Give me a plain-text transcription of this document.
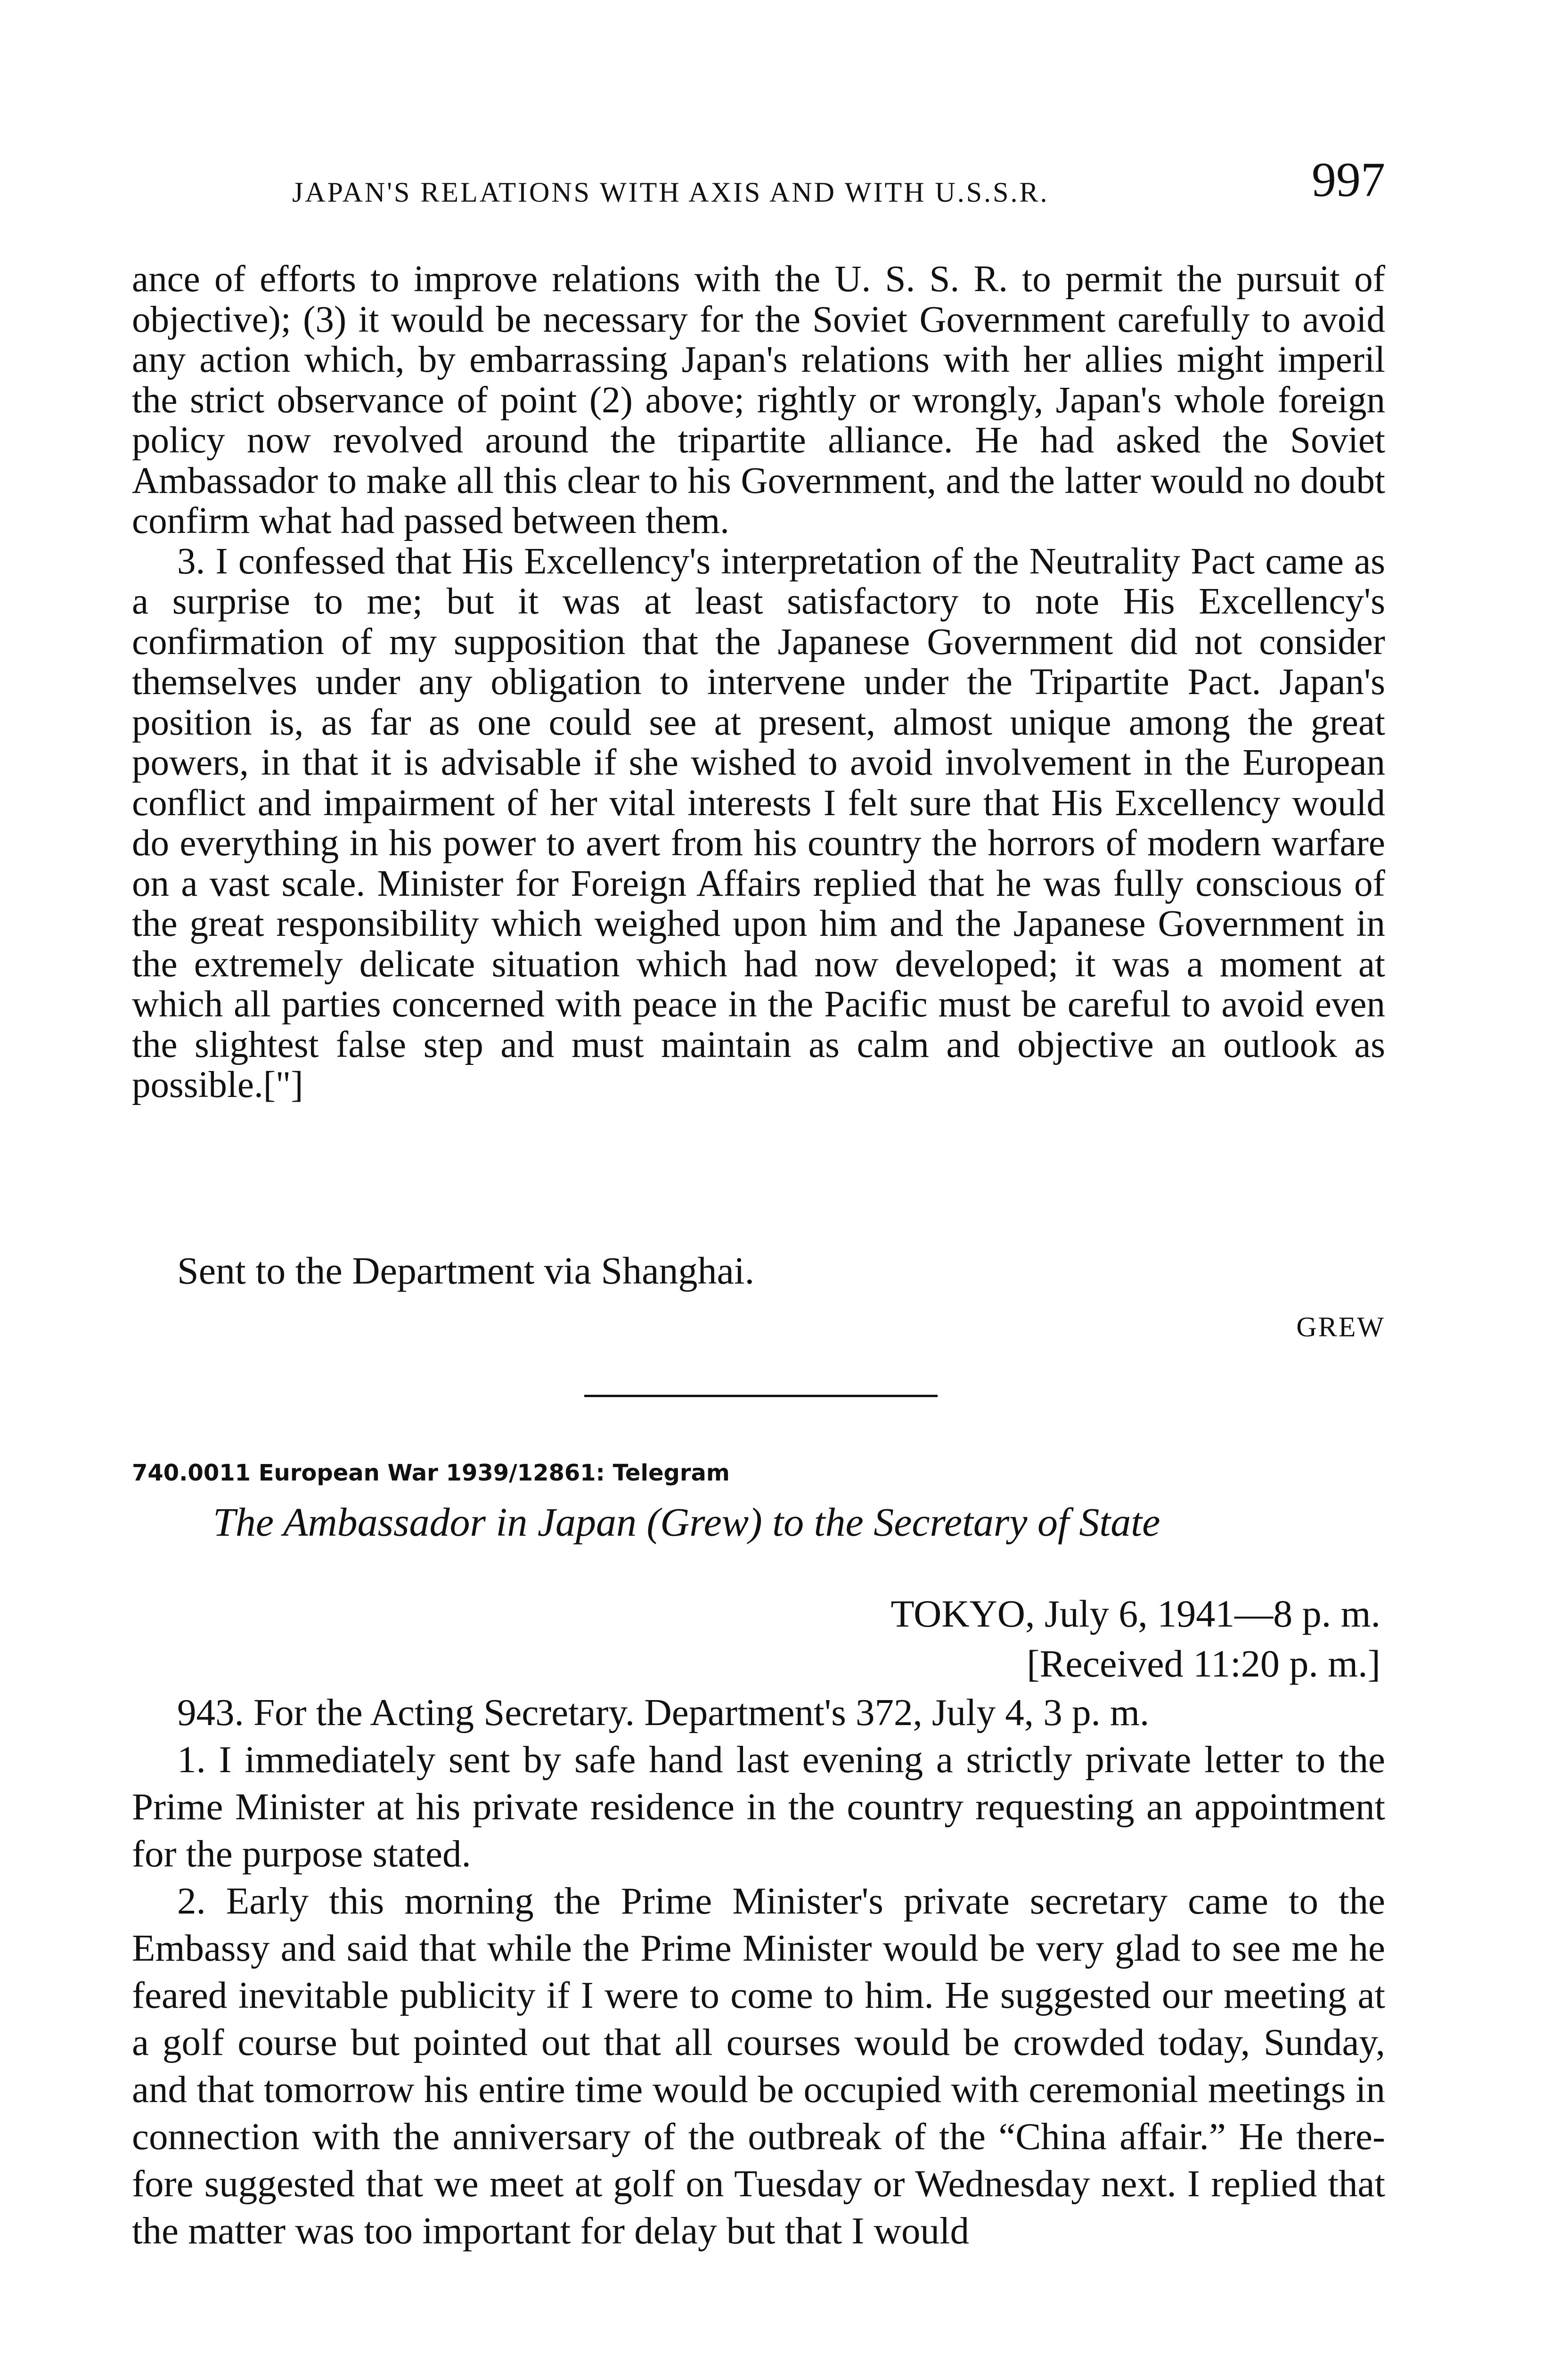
JAPAN'S RELATIONS WITH AXIS AND WITH U.S.S.R.	997

ance of efforts to improve relations with the U. S. S. R. to permit the pursuit of objective); (3) it would be necessary for the Soviet Government carefully to avoid any action which, by embarrassing Japan's relations with her allies might imperil the strict observance of point (2) above; rightly or wrongly, Japan's whole foreign policy now revolved around the tripartite alliance. He had asked the Soviet Ambassador to make all this clear to his Government, and the latter would no doubt confirm what had passed between them.

3. I confessed that His Excellency's interpretation of the Neutrality Pact came as a surprise to me; but it was at least satisfactory to note His Excellency's confirmation of my supposition that the Japanese Government did not consider themselves under any obligation to intervene under the Tripartite Pact. Japan's position is, as far as one could see at present, almost unique among the great powers, in that it is advisable if she wished to avoid involvement in the European conflict and impairment of her vital interests I felt sure that His Excellency would do everything in his power to avert from his country the horrors of modern warfare on a vast scale. Minister for Foreign Affairs replied that he was fully conscious of the great responsibility which weighed upon him and the Japanese Government in the extremely delicate situation which had now developed; it was a moment at which all parties concerned with peace in the Pacific must be careful to avoid even the slightest false step and must maintain as calm and objective an outlook as possible.["]

Sent to the Department via Shanghai.
GREW
740.0011 European War 1939/12861: Telegram
The Ambassador in Japan (Grew) to the Secretary of State
TOKYO, July 6, 1941—8 p. m.
[Received 11:20 p. m.]

943. For the Acting Secretary. Department's 372, July 4, 3 p. m.

1. I immediately sent by safe hand last evening a strictly private letter to the Prime Minister at his private residence in the country requesting an appointment for the purpose stated.

2. Early this morning the Prime Minister's private secretary came to the Embassy and said that while the Prime Minister would be very glad to see me he feared inevitable publicity if I were to come to him. He suggested our meeting at a golf course but pointed out that all courses would be crowded today, Sunday, and that tomorrow his entire time would be occupied with ceremonial meetings in connection with the anniversary of the outbreak of the “China affair.” He therefore suggested that we meet at golf on Tuesday or Wednesday next. I replied that the matter was too important for delay but that I would
